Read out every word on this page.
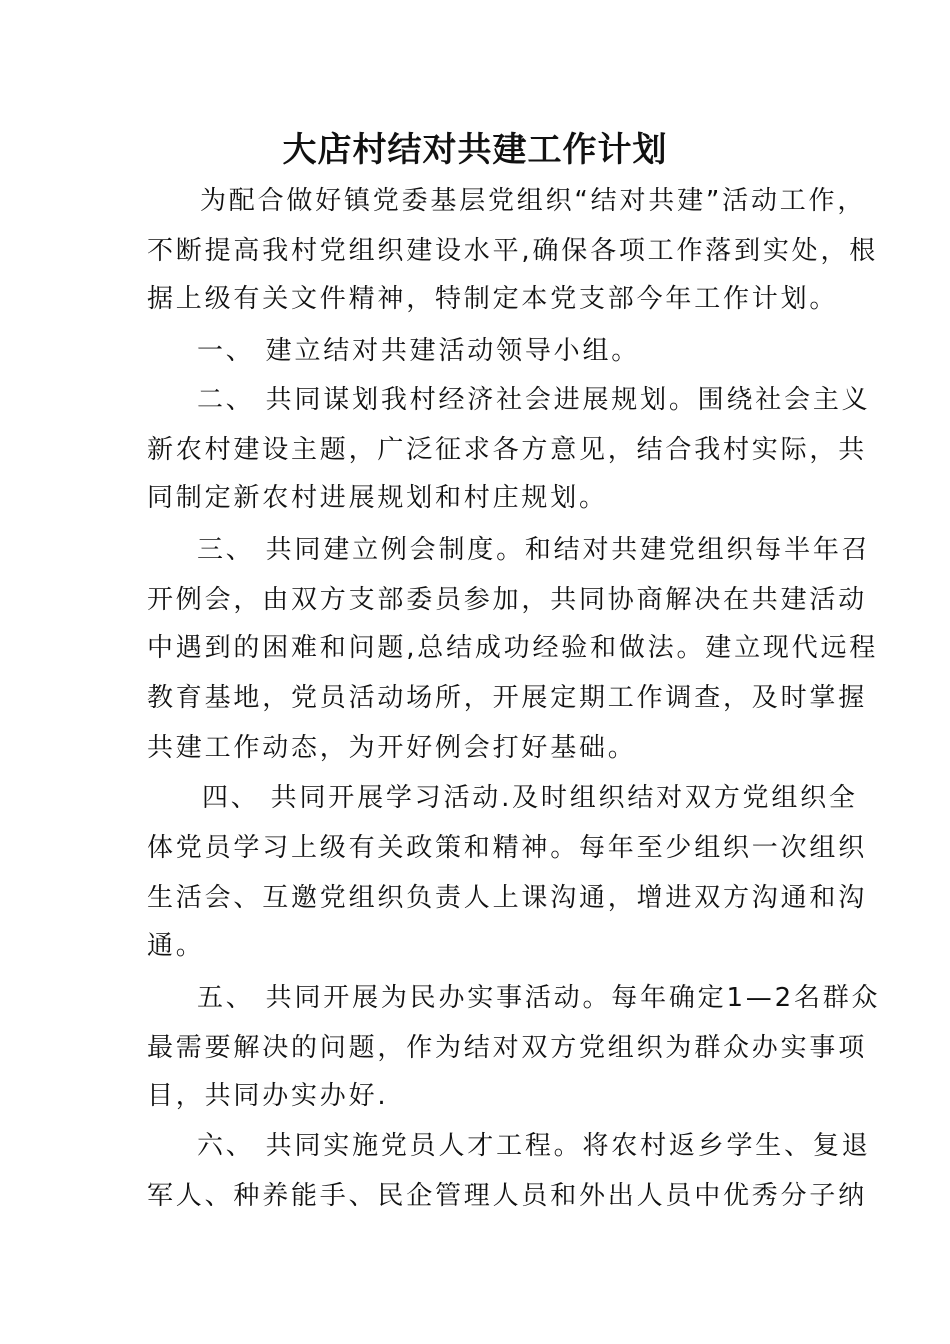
大店村结对共建工作计划
为配合做好镇党委基层党组织“结对共建”活动工作，
不断提高我村党组织建设水平,确保各项工作落到实处，根
据上级有关文件精神，特制定本党支部今年工作计划。
一、 建立结对共建活动领导小组。
二、 共同谋划我村经济社会进展规划。围绕社会主义
新农村建设主题，广泛征求各方意见，结合我村实际，共
同制定新农村进展规划和村庄规划。
三、 共同建立例会制度。和结对共建党组织每半年召
开例会，由双方支部委员参加，共同协商解决在共建活动
中遇到的困难和问题,总结成功经验和做法。建立现代远程
教育基地，党员活动场所，开展定期工作调查，及时掌握
共建工作动态，为开好例会打好基础。
四、 共同开展学习活动.及时组织结对双方党组织全
体党员学习上级有关政策和精神。每年至少组织一次组织
生活会、互邀党组织负责人上课沟通，增进双方沟通和沟
通。
五、 共同开展为民办实事活动。每年确定1—2名群众
最需要解决的问题，作为结对双方党组织为群众办实事项
目，共同办实办好.
六、 共同实施党员人才工程。将农村返乡学生、复退
军人、种养能手、民企管理人员和外出人员中优秀分子纳
